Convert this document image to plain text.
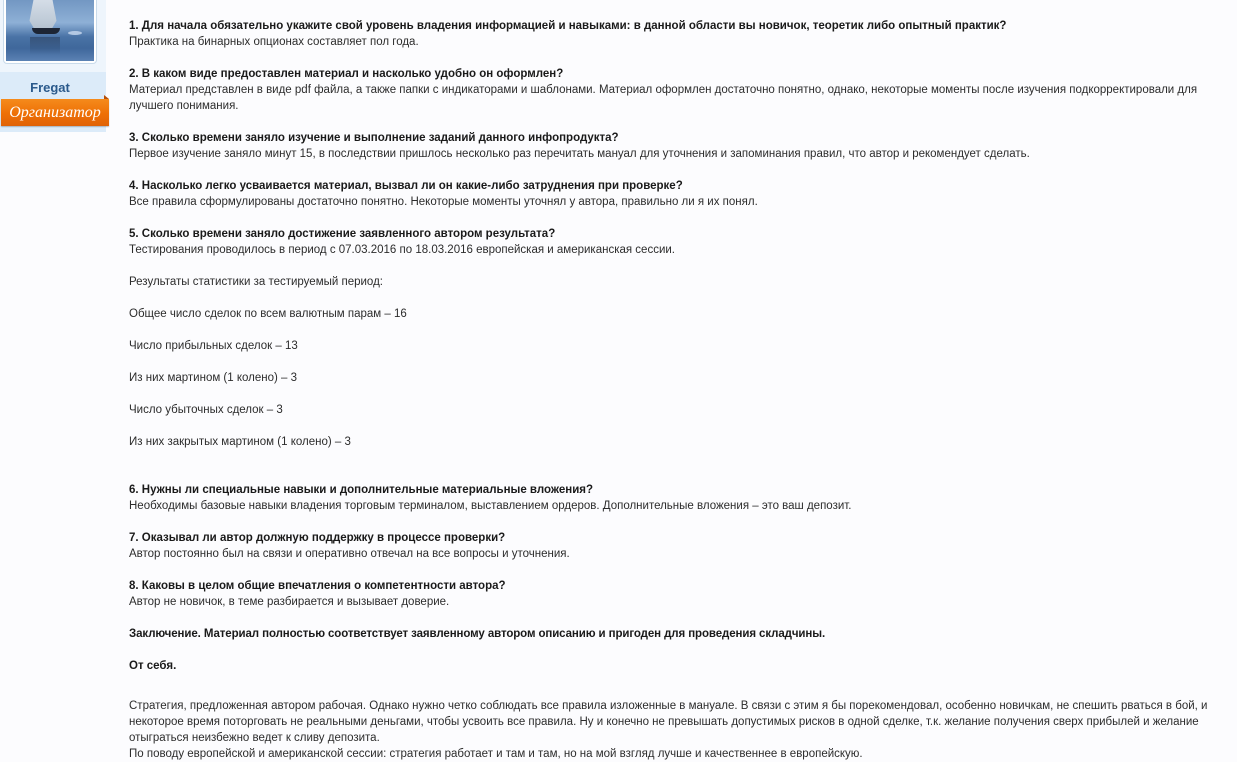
Fregat
Организатор
1. Для начала обязательно укажите свой уровень владения информацией и навыками: в данной области вы новичок, теоретик либо опытный практик?
Практика на бинарных опционах составляет пол года.
2. В каком виде предоставлен материал и насколько удобно он оформлен?
Материал представлен в виде pdf файла, а также папки с индикаторами и шаблонами. Материал оформлен достаточно понятно, однако, некоторые моменты после изучения подкорректировали для лучшего понимания.
3. Сколько времени заняло изучение и выполнение заданий данного инфопродукта?
Первое изучение заняло минут 15, в последствии пришлось несколько раз перечитать мануал для уточнения и запоминания правил, что автор и рекомендует сделать.
4. Насколько легко усваивается материал, вызвал ли он какие-либо затруднения при проверке?
Все правила сформулированы достаточно понятно. Некоторые моменты уточнял у автора, правильно ли я их понял.
5. Сколько времени заняло достижение заявленного автором результата?
Тестирования проводилось в период с 07.03.2016 по 18.03.2016 европейская и американская сессии.
Результаты статистики за тестируемый период:
Общее число сделок по всем валютным парам – 16
Число прибыльных сделок – 13
Из них мартином (1 колено) – 3
Число убыточных сделок – 3
Из них закрытых мартином (1 колено) – 3
6. Нужны ли специальные навыки и дополнительные материальные вложения?
Необходимы базовые навыки владения торговым терминалом, выставлением ордеров. Дополнительные вложения – это ваш депозит.
7. Оказывал ли автор должную поддержку в процессе проверки?
Автор постоянно был на связи и оперативно отвечал на все вопросы и уточнения.
8. Каковы в целом общие впечатления о компетентности автора?
Автор не новичок, в теме разбирается и вызывает доверие.
Заключение. Материал полностью соответствует заявленному автором описанию и пригоден для проведения складчины.
От себя.
Стратегия, предложенная автором рабочая. Однако нужно четко соблюдать все правила изложенные в мануале. В связи с этим я бы порекомендовал, особенно новичкам, не спешить рваться в бой, и некоторое время поторговать не реальными деньгами, чтобы усвоить все правила. Ну и конечно не превышать допустимых рисков в одной сделке, т.к. желание получения сверх прибылей и желание отыграться неизбежно ведет к сливу депозита.
По поводу европейской и американской сессии: стратегия работает и там и там, но на мой взгляд лучше и качественнее в европейскую.
